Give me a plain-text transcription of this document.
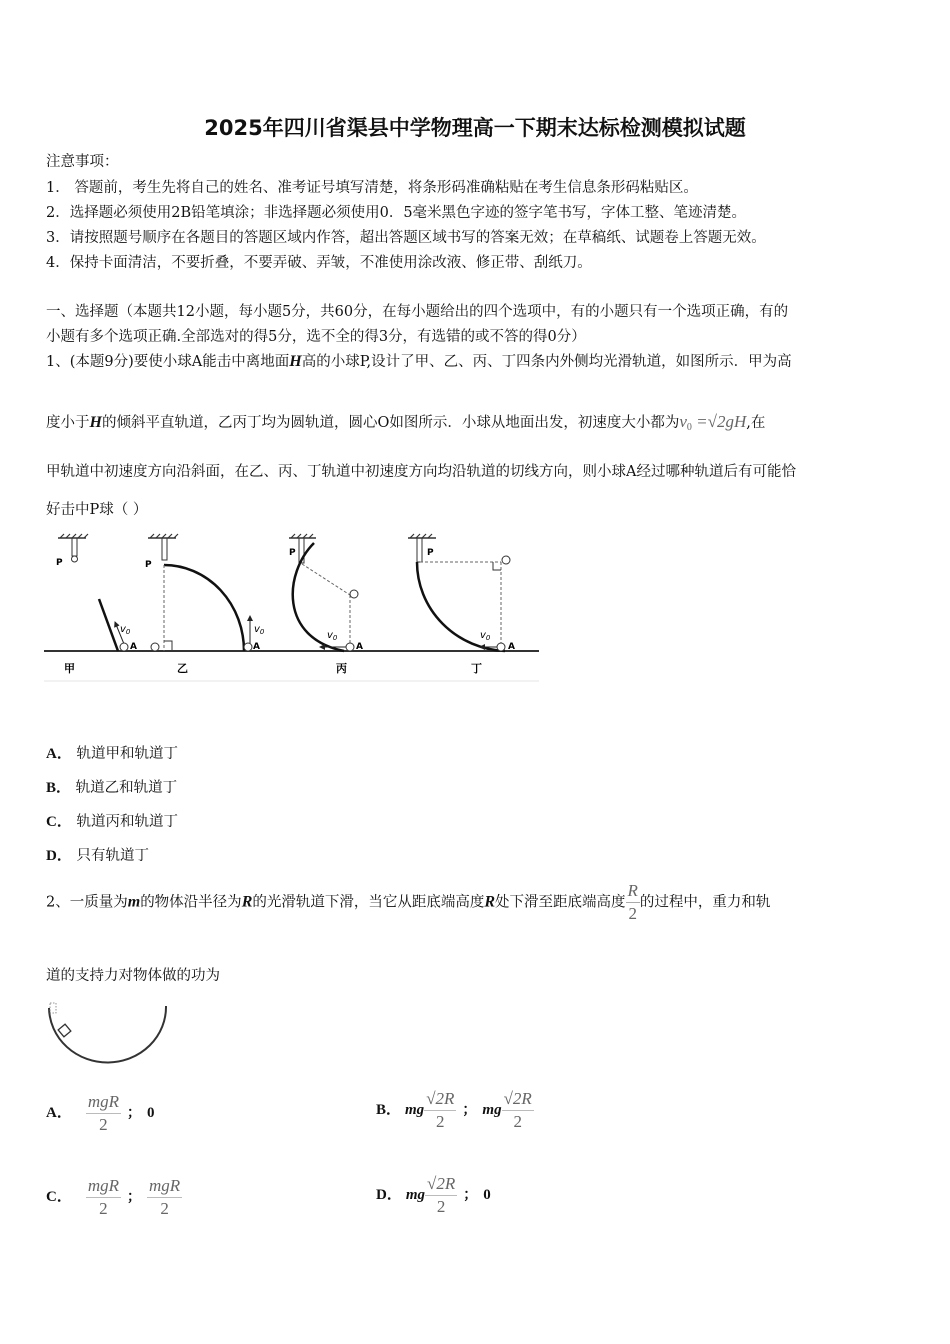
2025年四川省渠县中学物理高一下期末达标检测模拟试题
注意事项：
1． 答题前，考生先将自己的姓名、准考证号填写清楚，将条形码准确粘贴在考生信息条形码粘贴区。
2．选择题必须使用2B铅笔填涂；非选择题必须使用0．5毫米黑色字迹的签字笔书写，字体工整、笔迹清楚。
3．请按照题号顺序在各题目的答题区域内作答，超出答题区域书写的答案无效；在草稿纸、试题卷上答题无效。
4．保持卡面清洁，不要折叠，不要弄破、弄皱，不准使用涂改液、修正带、刮纸刀。
一、选择题（本题共12小题，每小题5分，共60分，在每小题给出的四个选项中，有的小题只有一个选项正确，有的
小题有多个选项正确.全部选对的得5分，选不全的得3分，有选错的或不答的得0分）
1、(本题9分)要使小球A能击中离地面H高的小球P,设计了甲、乙、丙、丁四条内外侧均光滑轨道，如图所示．甲为高
度小于H的倾斜平直轨道，乙丙丁均为圆轨道，圆心O如图所示．小球从地面出发，初速度大小都为$v_0 =√2gH$,在
甲轨道中初速度方向沿斜面，在乙、丙、丁轨道中初速度方向均沿轨道的切线方向，则小球A经过哪种轨道后有可能恰
好击中P球（ ）
P
$v_0$
A
甲
P
$v_0$
A
乙
P
$v_0$
A
丙
P
$v_0$
A
丁
A． 轨道甲和轨道丁
B． 轨道乙和轨道丁
C． 轨道丙和轨道丁
D． 只有轨道丁
2、一质量为m的物体沿半径为R的光滑轨道下滑，当它从距底端高度R处下滑至距底端高度 $\frac{R}{2}$ 的过程中，重力和轨
道的支持力对物体做的功为
A． $\frac{\text{mgR}}{2}$ ； 0	B． mg $\frac{√2R}{2}$ ； mg $\frac{√2R}{2}$
C． $\frac{\text{mgR}}{2}$ ； $\frac{\text{mgR}}{2}$	D． mg $\frac{√2R}{2}$ ； 0
